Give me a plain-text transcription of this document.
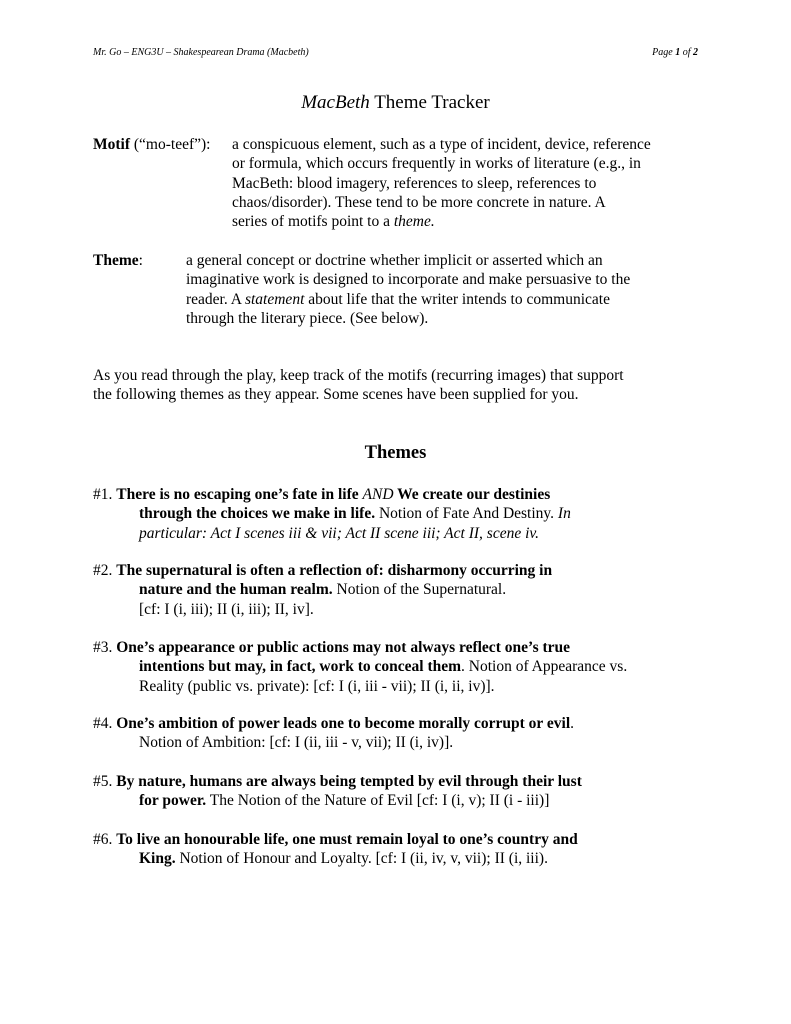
Mr. Go – ENG3U – Shakespearean Drama (Macbeth)	Page 1 of 2
MacBeth Theme Tracker
Motif (“mo-teef”): a conspicuous element, such as a type of incident, device, reference
or formula, which occurs frequently in works of literature (e.g., in
MacBeth: blood imagery, references to sleep, references to
chaos/disorder). These tend to be more concrete in nature. A
series of motifs point to a theme.
Theme:	a general concept or doctrine whether implicit or asserted which an
imaginative work is designed to incorporate and make persuasive to the
reader. A statement about life that the writer intends to communicate
through the literary piece. (See below).
As you read through the play, keep track of the motifs (recurring images) that support
the following themes as they appear. Some scenes have been supplied for you.
Themes
#1. There is no escaping one’s fate in life AND We create our destinies
through the choices we make in life. Notion of Fate And Destiny. In
particular: Act I scenes iii & vii; Act II scene iii; Act II, scene iv.
#2. The supernatural is often a reflection of: disharmony occurring in
nature and the human realm. Notion of the Supernatural.
[cf: I (i, iii); II (i, iii); II, iv].
#3. One’s appearance or public actions may not always reflect one’s true
intentions but may, in fact, work to conceal them. Notion of Appearance vs.
Reality (public vs. private): [cf: I (i, iii - vii); II (i, ii, iv)].
#4. One’s ambition of power leads one to become morally corrupt or evil.
Notion of Ambition: [cf: I (ii, iii - v, vii); II (i, iv)].
#5. By nature, humans are always being tempted by evil through their lust
for power. The Notion of the Nature of Evil [cf: I (i, v); II (i - iii)]
#6. To live an honourable life, one must remain loyal to one’s country and
King. Notion of Honour and Loyalty. [cf: I (ii, iv, v, vii); II (i, iii).
